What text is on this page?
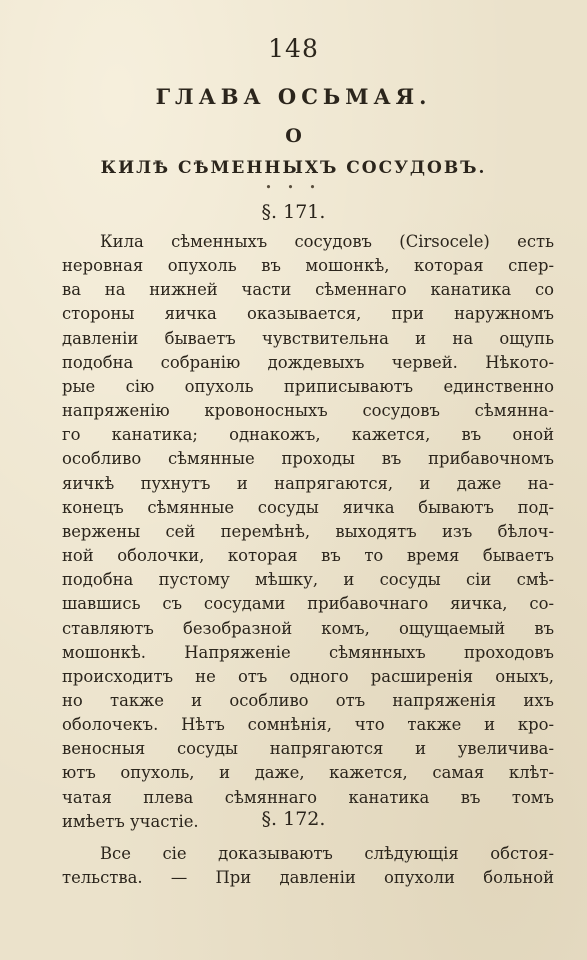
148
ГЛАВА ОСЬМАЯ.
О
КИЛѢ СѢМЕННЫХЪ СОСУДОВЪ.
• • •
§. 171.
Кила сѣменныхъ сосудовъ (Cirsocele) есть
неровная опухоль въ мошонкѣ, которая спер-
ва на нижней части сѣменнаго канатика со
стороны яичка оказывается, при наружномъ
давленіи бываетъ чувствительна и на ощупь
подобна собранію дождевыхъ червей. Нѣкото-
рые сію опухоль приписываютъ единственно
напряженію кровоносныхъ сосудовъ сѣмянна-
го канатика; однакожъ, кажется, въ оной
особливо сѣмянные проходы въ прибавочномъ
яичкѣ пухнутъ и напрягаются, и даже на-
конецъ сѣмянные сосуды яичка бываютъ под-
вержены сей перемѣнѣ, выходятъ изъ бѣлоч-
ной оболочки, которая въ то время бываетъ
подобна пустому мѣшку, и сосуды сіи смѣ-
шавшись съ сосудами прибавочнаго яичка, со-
ставляютъ безобразной комъ, ощущаемый въ
мошонкѣ. Напряженіе сѣмянныхъ проходовъ
происходитъ не отъ одного расширенія оныхъ,
но также и особливо отъ напряженія ихъ
оболочекъ. Нѣтъ сомнѣнія, что также и кро-
веносныя сосуды напрягаются и увеличива-
ютъ опухоль, и даже, кажется, самая клѣт-
чатая плева сѣмяннаго канатика въ томъ
имѣетъ участіе.	§. 172.
Все сіе доказываютъ слѣдующія обстоя-
тельства. — При давленіи опухоли больной
